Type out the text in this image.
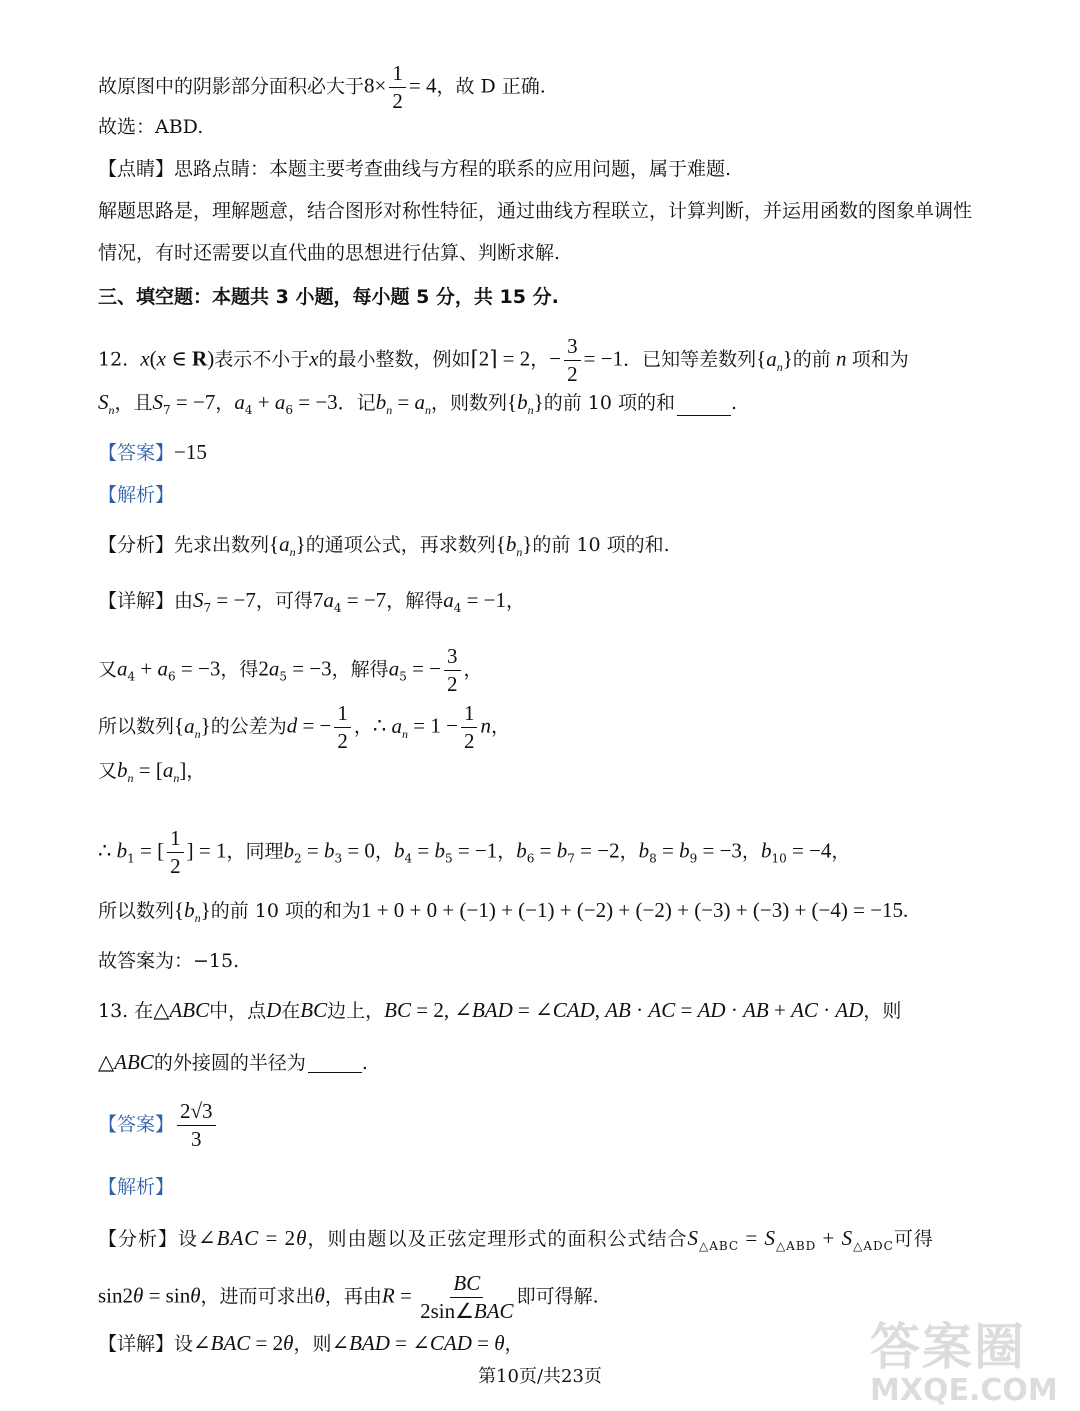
故原图中的阴影部分面积必大于$8\times \frac{1}{2} = 4$，故 D 正确.
故选：ABD.
【点睛】思路点睛：本题主要考查曲线与方程的联系的应用问题，属于难题.
解题思路是，理解题意，结合图形对称性特征，通过曲线方程联立，计算判断，并运用函数的图象单调性
情况，有时还需要以直代曲的思想进行估算、判断求解.
三、填空题：本题共 3 小题，每小题 5 分，共 15 分.
12. x(x ∈ R)表示不小于x的最小整数，例如⌈2⌉ = 2，− $\frac{3}{2} = -1$．已知等差数列$\{a_n\}$的前 n 项和为
$S_n$，且$S_7 = -7$，$a_4 + a_6 = -3$．记$b_n = a_n$，则数列$\{b_n\}$的前 10 项的和	.
【答案】−15
【解析】
【分析】先求出数列$\{a_n\}$的通项公式，再求数列$\{b_n\}$的前 10 项的和.
【详解】由$S_7 = -7$，可得$7a_4 = -7$，解得$a_4 = -1$，
又$a_4 + a_6 = -3$，得$2a_5 = -3$，解得$a_5$ = − $\frac{3}{2}$ ，
所以数列$\{a_n\}$的公差为d = − $\frac{1}{2}$ ，∴ $a_n = 1 - \frac{1}{2}$ n，
又$b_n = [a_n]$，
∴ $b_1$ = [ $\frac{1}{2}$ ] = 1，同理$b_2 = b_3 = 0$，$b_4 = b_5 = -1$，$b_6 = b_7 = -2$，$b_8 = b_9 = -3$，$b_{10} = -4$，
所以数列$\{b_n\}$的前 10 项的和为1 + 0 + 0 + (−1) + (−1) + (−2) + (−2) + (−3) + (−3) + (−4) = −15.
故答案为：−15.
13. 在△ABC中，点D在BC边上，BC = 2, ∠BAD = ∠CAD, AB · AC = AD · AB + AC · AD，则
△ABC的外接圆的半径为	.
【答案】 $\frac{2√3}{3}$
【解析】
【分析】设∠BAC = 2θ，则由题以及正弦定理形式的面积公式结合$S_{\triangle ABC} = S_{\triangle ABD} + S_{\triangle ADC}$可得
sin2θ = sinθ，进而可求出θ，再由$R = \frac{BC}{\text{2sin∠BAC}}$ 即可得解.
【详解】设∠BAC = 2θ，则∠BAD = ∠CAD = θ，
第10页/共23页
答案圈
MXQE.COM
